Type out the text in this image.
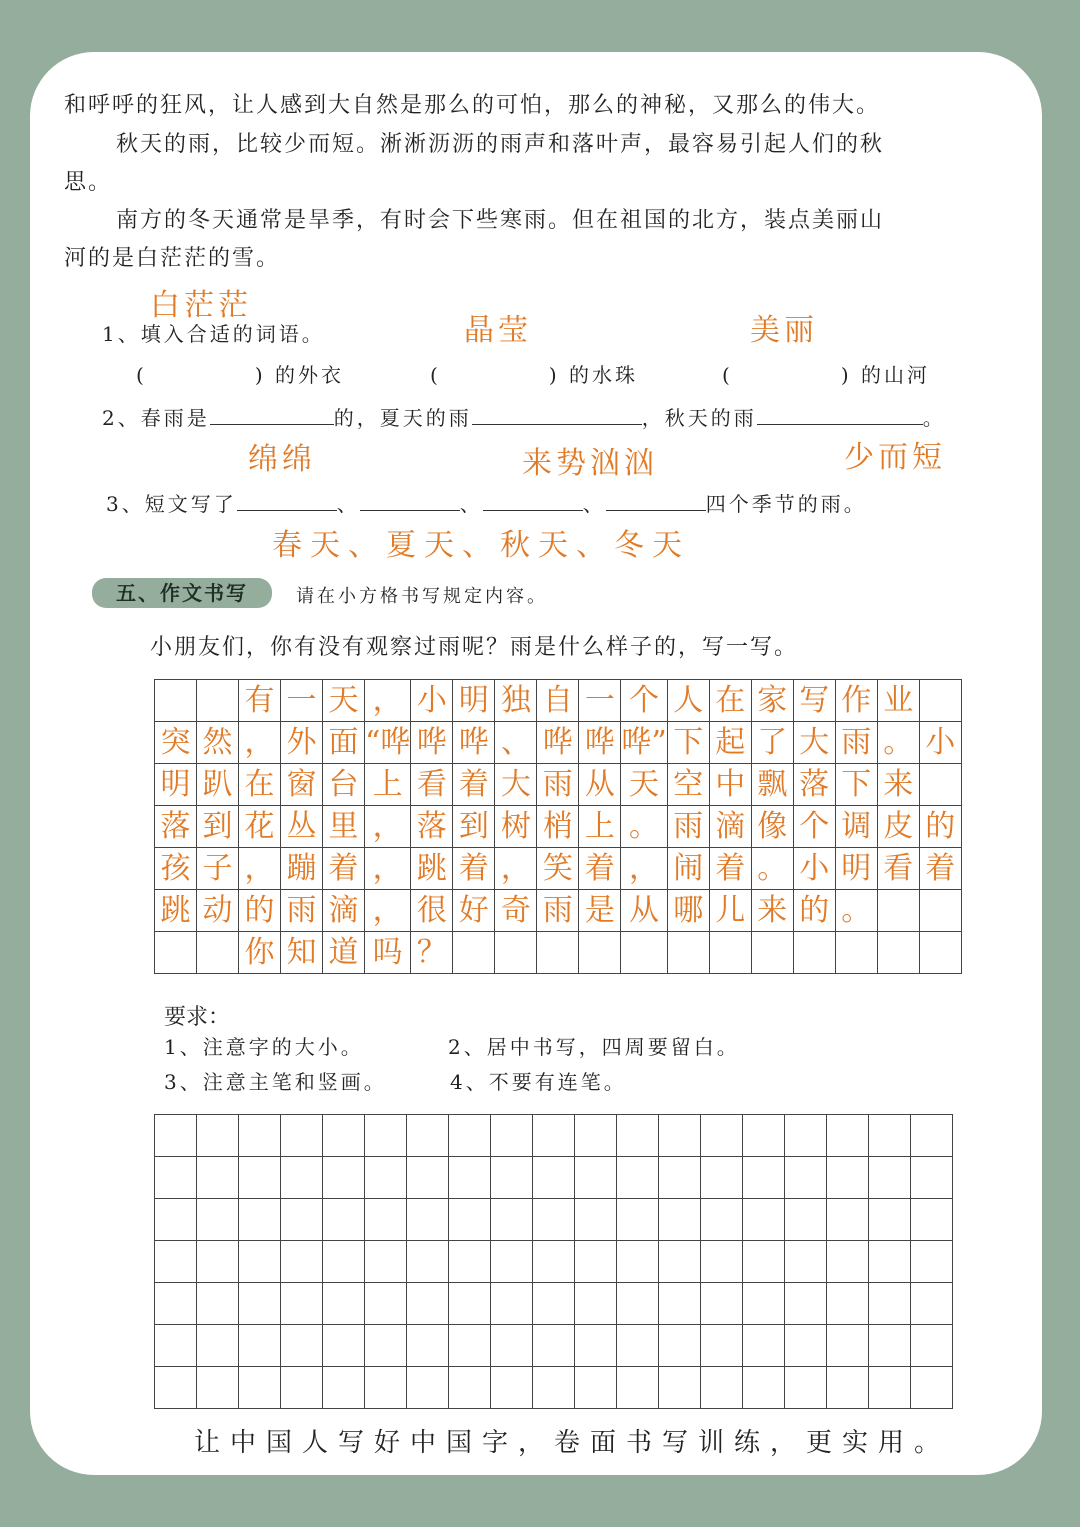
和呼呼的狂风，让人感到大自然是那么的可怕，那么的神秘，又那么的伟大。
秋天的雨，比较少而短。淅淅沥沥的雨声和落叶声，最容易引起人们的秋
思。
南方的冬天通常是旱季，有时会下些寒雨。但在祖国的北方，装点美丽山
河的是白茫茫的雪。
白茫茫
晶莹	美丽
1、填入合适的词语。
(	) 的外衣	(	) 的水珠	(	) 的山河
2、春雨是	的，夏天的雨	，秋天的雨	。
绵绵	来势汹汹	少而短
3、短文写了	、	、	、	四个季节的雨。
春天、夏天、秋天、冬天
五、作文书写	请在小方格书写规定内容。
小朋友们，你有没有观察过雨呢？雨是什么样子的，写一写。
		有	一	天	，	小	明	独	自	一	个	人	在	家	写	作	业	
突	然	，	外	面	“哗	哗	哗	、	哗	哗	哗”	下	起	了	大	雨	。	小
明	趴	在	窗	台	上	看	着	大	雨	从	天	空	中	飘	落	下	来	
落	到	花	丛	里	，	落	到	树	梢	上	。	雨	滴	像	个	调	皮	的
孩	子	，	蹦	着	，	跳	着	，	笑	着	，	闹	着	。	小	明	看	着
跳	动	的	雨	滴	，	很	好	奇	雨	是	从	哪	儿	来	的	。		
		你	知	道	吗	？												
要求：
1、注意字的大小。	2、居中书写，四周要留白。
3、注意主笔和竖画。	4、不要有连笔。

让中国人写好中国字，卷面书写训练，更实用。
